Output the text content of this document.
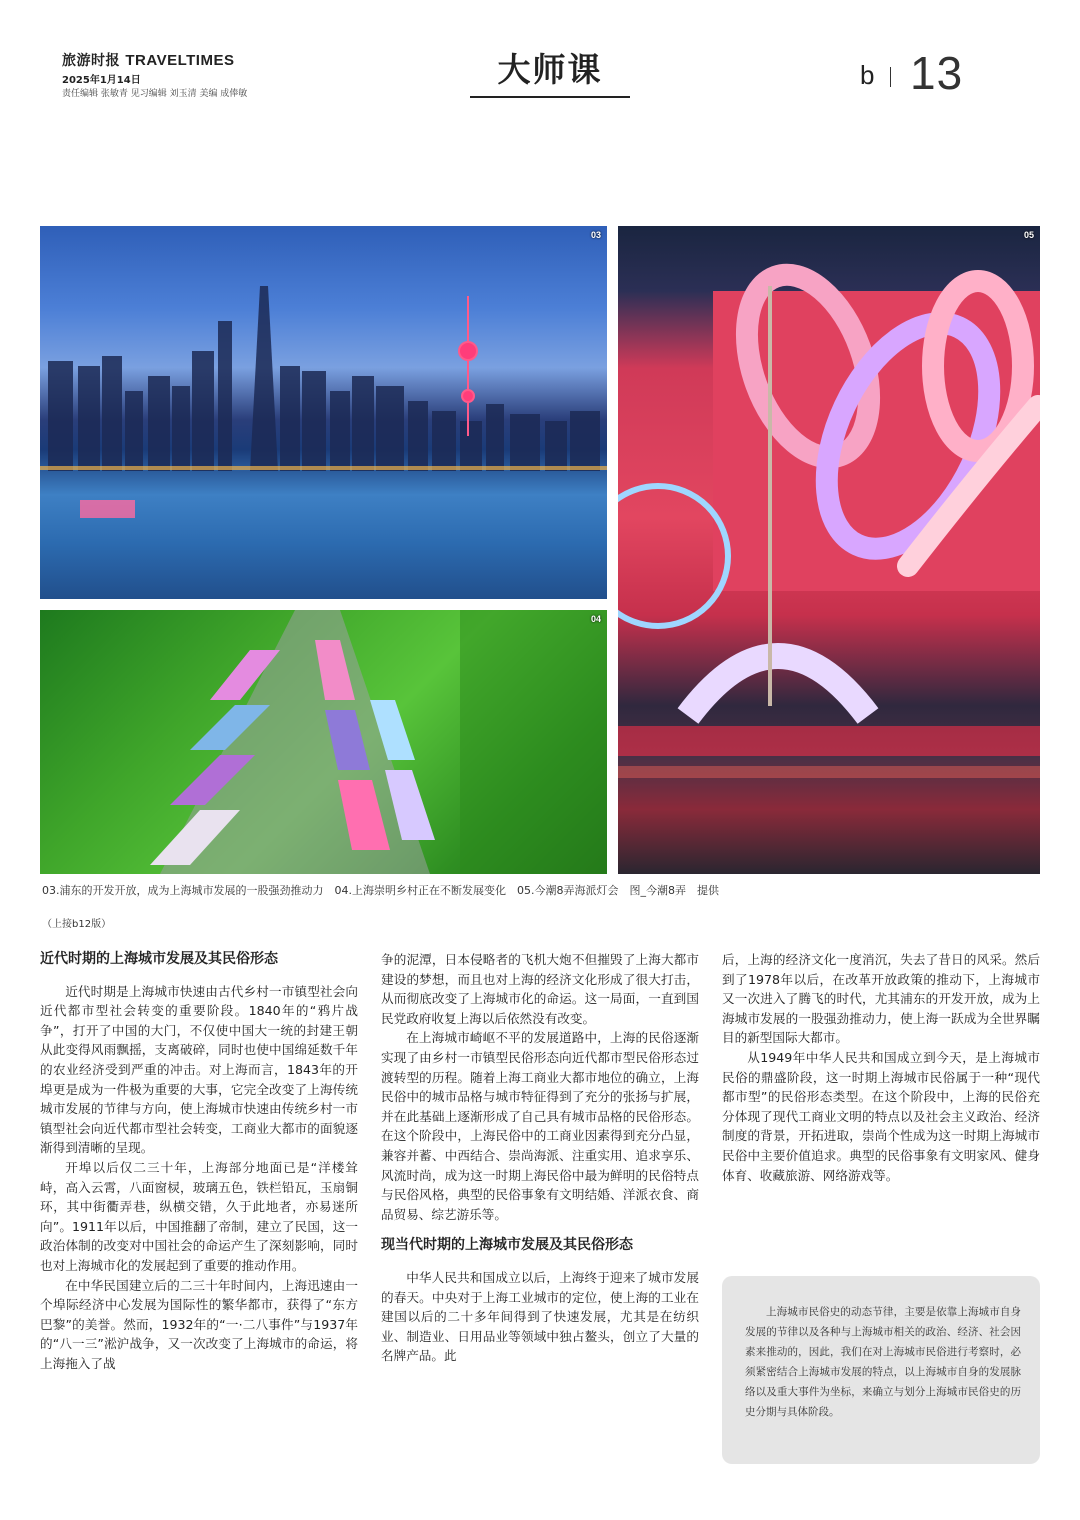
旅游时报 TRAVELTIMES
2025年1月14日
责任编辑 张敏青 见习编辑 刘玉清 美编 成俸敏
大师课	b 13
03
04
05
03.浦东的开发开放，成为上海城市发展的一股强劲推动力　04.上海崇明乡村正在不断发展变化　05.今潮8弄海派灯会　图_今潮8弄　提供
（上接b12版）
近代时期的上海城市发展及其民俗形态

近代时期是上海城市快速由古代乡村一市镇型社会向近代都市型社会转变的重要阶段。1840年的“鸦片战争”，打开了中国的大门，不仅使中国大一统的封建王朝从此变得风雨飘摇，支离破碎，同时也使中国绵延数千年的农业经济受到严重的冲击。对上海而言，1843年的开埠更是成为一件极为重要的大事，它完全改变了上海传统城市发展的节律与方向，使上海城市快速由传统乡村一市镇型社会向近代都市型社会转变，工商业大都市的面貌逐渐得到清晰的呈现。

开埠以后仅二三十年，上海部分地面已是“洋楼耸峙，高入云霄，八面窗棂，玻璃五色，铁栏铅瓦，玉扇铜环，其中街衢弄巷，纵横交错，久于此地者，亦易迷所向”。1911年以后，中国推翻了帝制，建立了民国，这一政治体制的改变对中国社会的命运产生了深刻影响，同时也对上海城市化的发展起到了重要的推动作用。

在中华民国建立后的二三十年时间内，上海迅速由一个埠际经济中心发展为国际性的繁华都市，获得了“东方巴黎”的美誉。然而，1932年的“一·二八事件”与1937年的“八一三”淞沪战争，又一次改变了上海城市的命运，将上海拖入了战

争的泥潭，日本侵略者的飞机大炮不但摧毁了上海大都市建设的梦想，而且也对上海的经济文化形成了很大打击，从而彻底改变了上海城市化的命运。这一局面，一直到国民党政府收复上海以后依然没有改变。

在上海城市崎岖不平的发展道路中，上海的民俗逐渐实现了由乡村一市镇型民俗形态向近代都市型民俗形态过渡转型的历程。随着上海工商业大都市地位的确立，上海民俗中的城市品格与城市特征得到了充分的张扬与扩展，并在此基础上逐渐形成了自己具有城市品格的民俗形态。在这个阶段中，上海民俗中的工商业因素得到充分凸显，兼容并蓄、中西结合、崇尚海派、注重实用、追求享乐、风流时尚，成为这一时期上海民俗中最为鲜明的民俗特点与民俗风格，典型的民俗事象有文明结婚、洋派衣食、商品贸易、综艺游乐等。

现当代时期的上海城市发展及其民俗形态

中华人民共和国成立以后，上海终于迎来了城市发展的春天。中央对于上海工业城市的定位，使上海的工业在建国以后的二十多年间得到了快速发展，尤其是在纺织业、制造业、日用品业等领域中独占鳌头，创立了大量的名牌产品。此

后，上海的经济文化一度消沉，失去了昔日的风采。然后到了1978年以后，在改革开放政策的推动下，上海城市又一次进入了腾飞的时代，尤其浦东的开发开放，成为上海城市发展的一股强劲推动力，使上海一跃成为全世界瞩目的新型国际大都市。

从1949年中华人民共和国成立到今天，是上海城市民俗的鼎盛阶段，这一时期上海城市民俗属于一种“现代都市型”的民俗形态类型。在这个阶段中，上海的民俗充分体现了现代工商业文明的特点以及社会主义政治、经济制度的背景，开拓进取，崇尚个性成为这一时期上海城市民俗中主要价值追求。典型的民俗事象有文明家风、健身体育、收藏旅游、网络游戏等。

上海城市民俗史的动态节律，主要是依靠上海城市自身发展的节律以及各种与上海城市相关的政治、经济、社会因素来推动的，因此，我们在对上海城市民俗进行考察时，必须紧密结合上海城市发展的特点，以上海城市自身的发展脉络以及重大事件为坐标，来确立与划分上海城市民俗史的历史分期与具体阶段。
